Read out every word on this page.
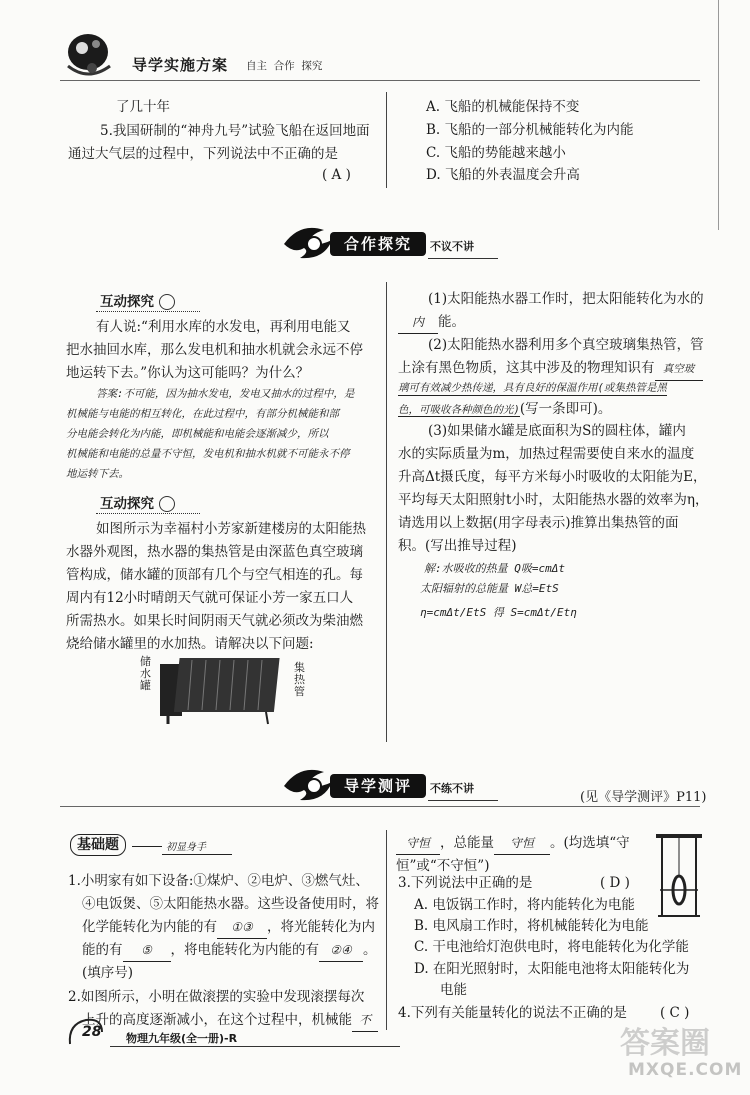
导学实施方案 自主  合作  探究
了几十年
5.我国研制的“神舟九号”试验飞船在返回地面
通过大气层的过程中，下列说法中不正确的是
( A )
A. 飞船的机械能保持不变
B. 飞船的一部分机械能转化为内能
C. 飞船的势能越来越小
D. 飞船的外表温度会升高
合作探究	不议不讲
互动探究
有人说:“利用水库的水发电，再利用电能又
把水抽回水库，那么发电机和抽水机就会永远不停
地运转下去。”你认为这可能吗？为什么？
答案:不可能，因为抽水发电，发电又抽水的过程中，是
机械能与电能的相互转化，在此过程中，有部分机械能和部
分电能会转化为内能，即机械能和电能会逐渐减少，所以
机械能和电能的总量不守恒，发电机和抽水机就不可能永不停
地运转下去。
互动探究
如图所示为幸福村小芳家新建楼房的太阳能热
水器外观图，热水器的集热管是由深蓝色真空玻璃
管构成，储水罐的顶部有几个与空气相连的孔。每
周内有12小时晴朗天气就可保证小芳一家五口人
所需热水。如果长时间阴雨天气就必须改为柴油燃
烧给储水罐里的水加热。请解决以下问题:
储水罐
集热管
(1)太阳能热水器工作时，把太阳能转化为水的
内 能。
(2)太阳能热水器利用多个真空玻璃集热管，管
上涂有黑色物质，这其中涉及的物理知识有 真空玻
璃可有效减少热传递，具有良好的保温作用(或集热管是黑
色，可吸收各种颜色的光)(写一条即可)。
(3)如果储水罐是底面积为S的圆柱体，罐内
水的实际质量为m，加热过程需要使自来水的温度
升高Δt摄氏度，每平方米每小时吸收的太阳能为E，
平均每天太阳照射t小时，太阳能热水器的效率为η，
请选用以上数据(用字母表示)推算出集热管的面
积。(写出推导过程)
解:水吸收的热量 Q吸=cmΔt
太阳辐射的总能量 W总=EtS
η=cmΔt/EtS 得 S=cmΔt/Etη
导学测评	不练不讲
(见《导学测评》P11)
基础题	初显身手
1.小明家有如下设备:①煤炉、②电炉、③燃气灶、
④电饭煲、⑤太阳能热水器。这些设备使用时，将
化学能转化为内能的有 ①③ ，将光能转化为内
能的有 ⑤ ，将电能转化为内能的有 ②④ 。
(填序号)
2.如图所示，小明在做滚摆的实验中发现滚摆每次
上升的高度逐渐减小，在这个过程中，机械能 不
守恒 ，总能量 守恒 。(均选填“守
恒”或“不守恒”)
3.下列说法中正确的是	( D )
A. 电饭锅工作时，将内能转化为电能
B. 电风扇工作时，将机械能转化为电能
C. 干电池给灯泡供电时，将电能转化为化学能
D. 在阳光照射时，太阳能电池将太阳能转化为
电能
4.下列有关能量转化的说法不正确的是 ( C )
28 物理九年级(全一册)-R	答案圈
MXQE.COM
